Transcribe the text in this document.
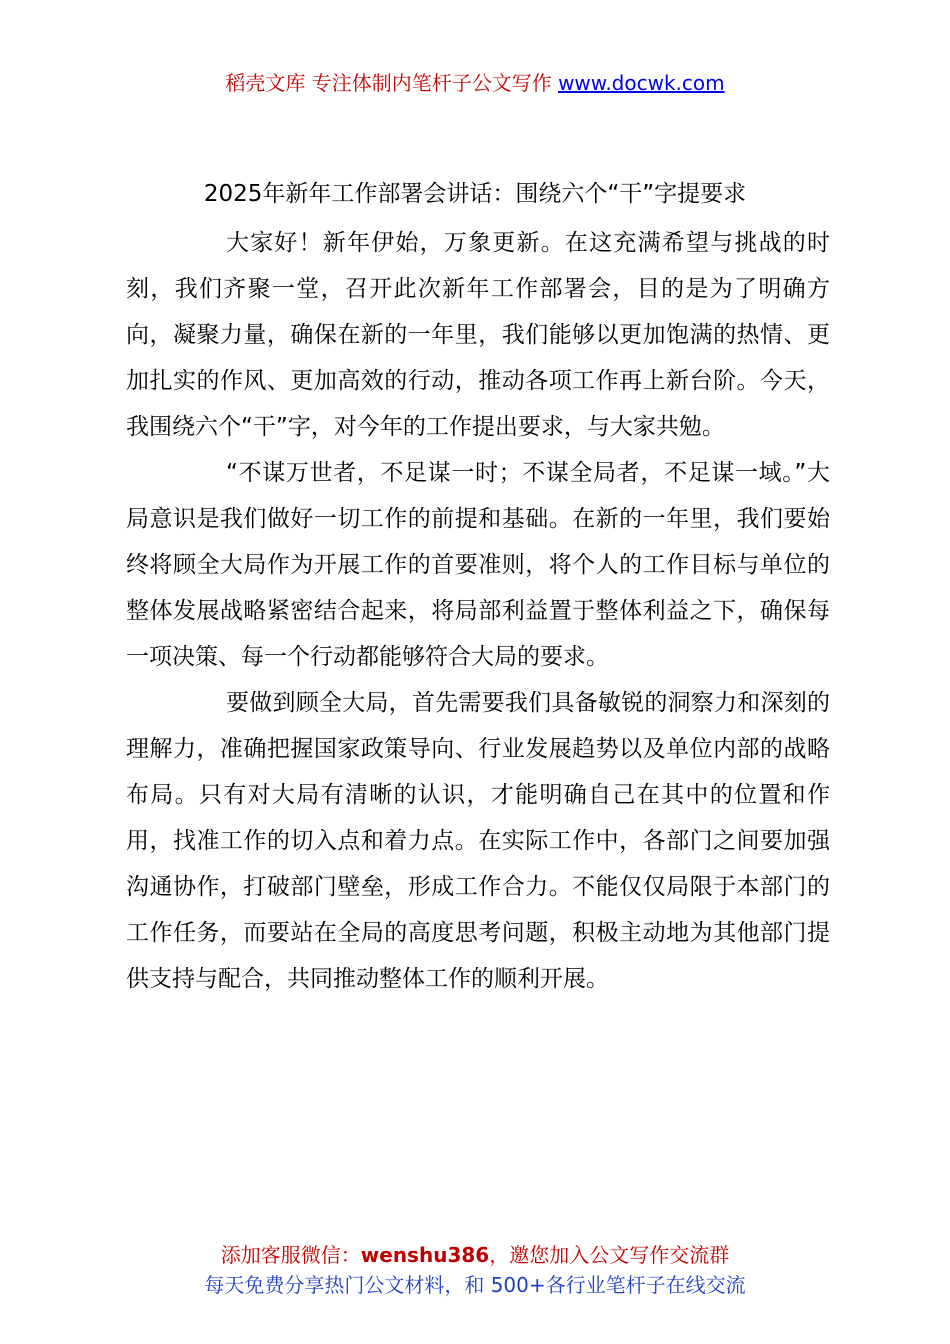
稻壳文库 专注体制内笔杆子公文写作 www.docwk.com
2025年新年工作部署会讲话：围绕六个“干”字提要求

大家好！新年伊始，万象更新。在这充满希望与挑战的时刻，我们齐聚一堂，召开此次新年工作部署会，目的是为了明确方向，凝聚力量，确保在新的一年里，我们能够以更加饱满的热情、更加扎实的作风、更加高效的行动，推动各项工作再上新台阶。今天，我围绕六个“干”字，对今年的工作提出要求，与大家共勉。

“不谋万世者，不足谋一时；不谋全局者，不足谋一域。”大局意识是我们做好一切工作的前提和基础。在新的一年里，我们要始终将顾全大局作为开展工作的首要准则，将个人的工作目标与单位的整体发展战略紧密结合起来，将局部利益置于整体利益之下，确保每一项决策、每一个行动都能够符合大局的要求。

要做到顾全大局，首先需要我们具备敏锐的洞察力和深刻的理解力，准确把握国家政策导向、行业发展趋势以及单位内部的战略布局。只有对大局有清晰的认识，才能明确自己在其中的位置和作用，找准工作的切入点和着力点。在实际工作中，各部门之间要加强沟通协作，打破部门壁垒，形成工作合力。不能仅仅局限于本部门的工作任务，而要站在全局的高度思考问题，积极主动地为其他部门提供支持与配合，共同推动整体工作的顺利开展。

添加客服微信：wenshu386，邀您加入公文写作交流群
每天免费分享热门公文材料，和 500+各行业笔杆子在线交流
